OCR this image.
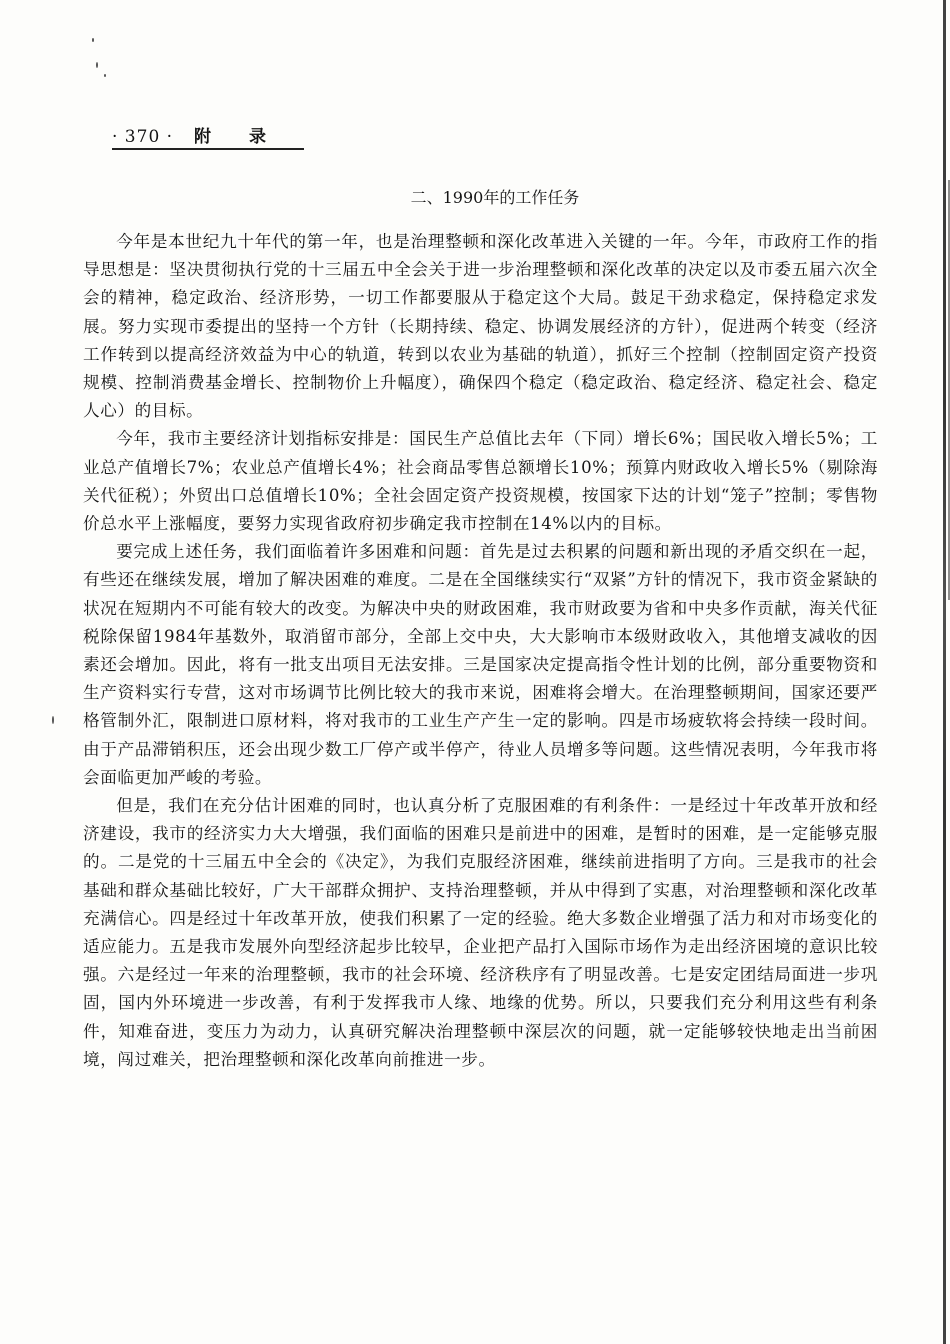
· 370 · 附录
二、1990年的工作任务

今年是本世纪九十年代的第一年，也是治理整顿和深化改革进入关键的一年。今年，市政府工作的指导思想是：坚决贯彻执行党的十三届五中全会关于进一步治理整顿和深化改革的决定以及市委五届六次全会的精神，稳定政治、经济形势，一切工作都要服从于稳定这个大局。鼓足干劲求稳定，保持稳定求发展。努力实现市委提出的坚持一个方针（长期持续、稳定、协调发展经济的方针），促进两个转变（经济工作转到以提高经济效益为中心的轨道，转到以农业为基础的轨道），抓好三个控制（控制固定资产投资规模、控制消费基金增长、控制物价上升幅度），确保四个稳定（稳定政治、稳定经济、稳定社会、稳定人心）的目标。

今年，我市主要经济计划指标安排是：国民生产总值比去年（下同）增长6%；国民收入增长5%；工业总产值增长7%；农业总产值增长4%；社会商品零售总额增长10%；预算内财政收入增长5%（剔除海关代征税）；外贸出口总值增长10%；全社会固定资产投资规模，按国家下达的计划“笼子”控制；零售物价总水平上涨幅度，要努力实现省政府初步确定我市控制在14%以内的目标。

要完成上述任务，我们面临着许多困难和问题：首先是过去积累的问题和新出现的矛盾交织在一起，有些还在继续发展，增加了解决困难的难度。二是在全国继续实行“双紧”方针的情况下，我市资金紧缺的状况在短期内不可能有较大的改变。为解决中央的财政困难，我市财政要为省和中央多作贡献，海关代征税除保留1984年基数外，取消留市部分，全部上交中央，大大影响市本级财政收入，其他增支减收的因素还会增加。因此，将有一批支出项目无法安排。三是国家决定提高指令性计划的比例，部分重要物资和生产资料实行专营，这对市场调节比例比较大的我市来说，困难将会增大。在治理整顿期间，国家还要严格管制外汇，限制进口原材料，将对我市的工业生产产生一定的影响。四是市场疲软将会持续一段时间。由于产品滞销积压，还会出现少数工厂停产或半停产，待业人员增多等问题。这些情况表明，今年我市将会面临更加严峻的考验。

但是，我们在充分估计困难的同时，也认真分析了克服困难的有利条件：一是经过十年改革开放和经济建设，我市的经济实力大大增强，我们面临的困难只是前进中的困难，是暂时的困难，是一定能够克服的。二是党的十三届五中全会的《决定》，为我们克服经济困难，继续前进指明了方向。三是我市的社会基础和群众基础比较好，广大干部群众拥护、支持治理整顿，并从中得到了实惠，对治理整顿和深化改革充满信心。四是经过十年改革开放，使我们积累了一定的经验。绝大多数企业增强了活力和对市场变化的适应能力。五是我市发展外向型经济起步比较早，企业把产品打入国际市场作为走出经济困境的意识比较强。六是经过一年来的治理整顿，我市的社会环境、经济秩序有了明显改善。七是安定团结局面进一步巩固，国内外环境进一步改善，有利于发挥我市人缘、地缘的优势。所以，只要我们充分利用这些有利条件，知难奋进，变压力为动力，认真研究解决治理整顿中深层次的问题，就一定能够较快地走出当前困境，闯过难关，把治理整顿和深化改革向前推进一步。
